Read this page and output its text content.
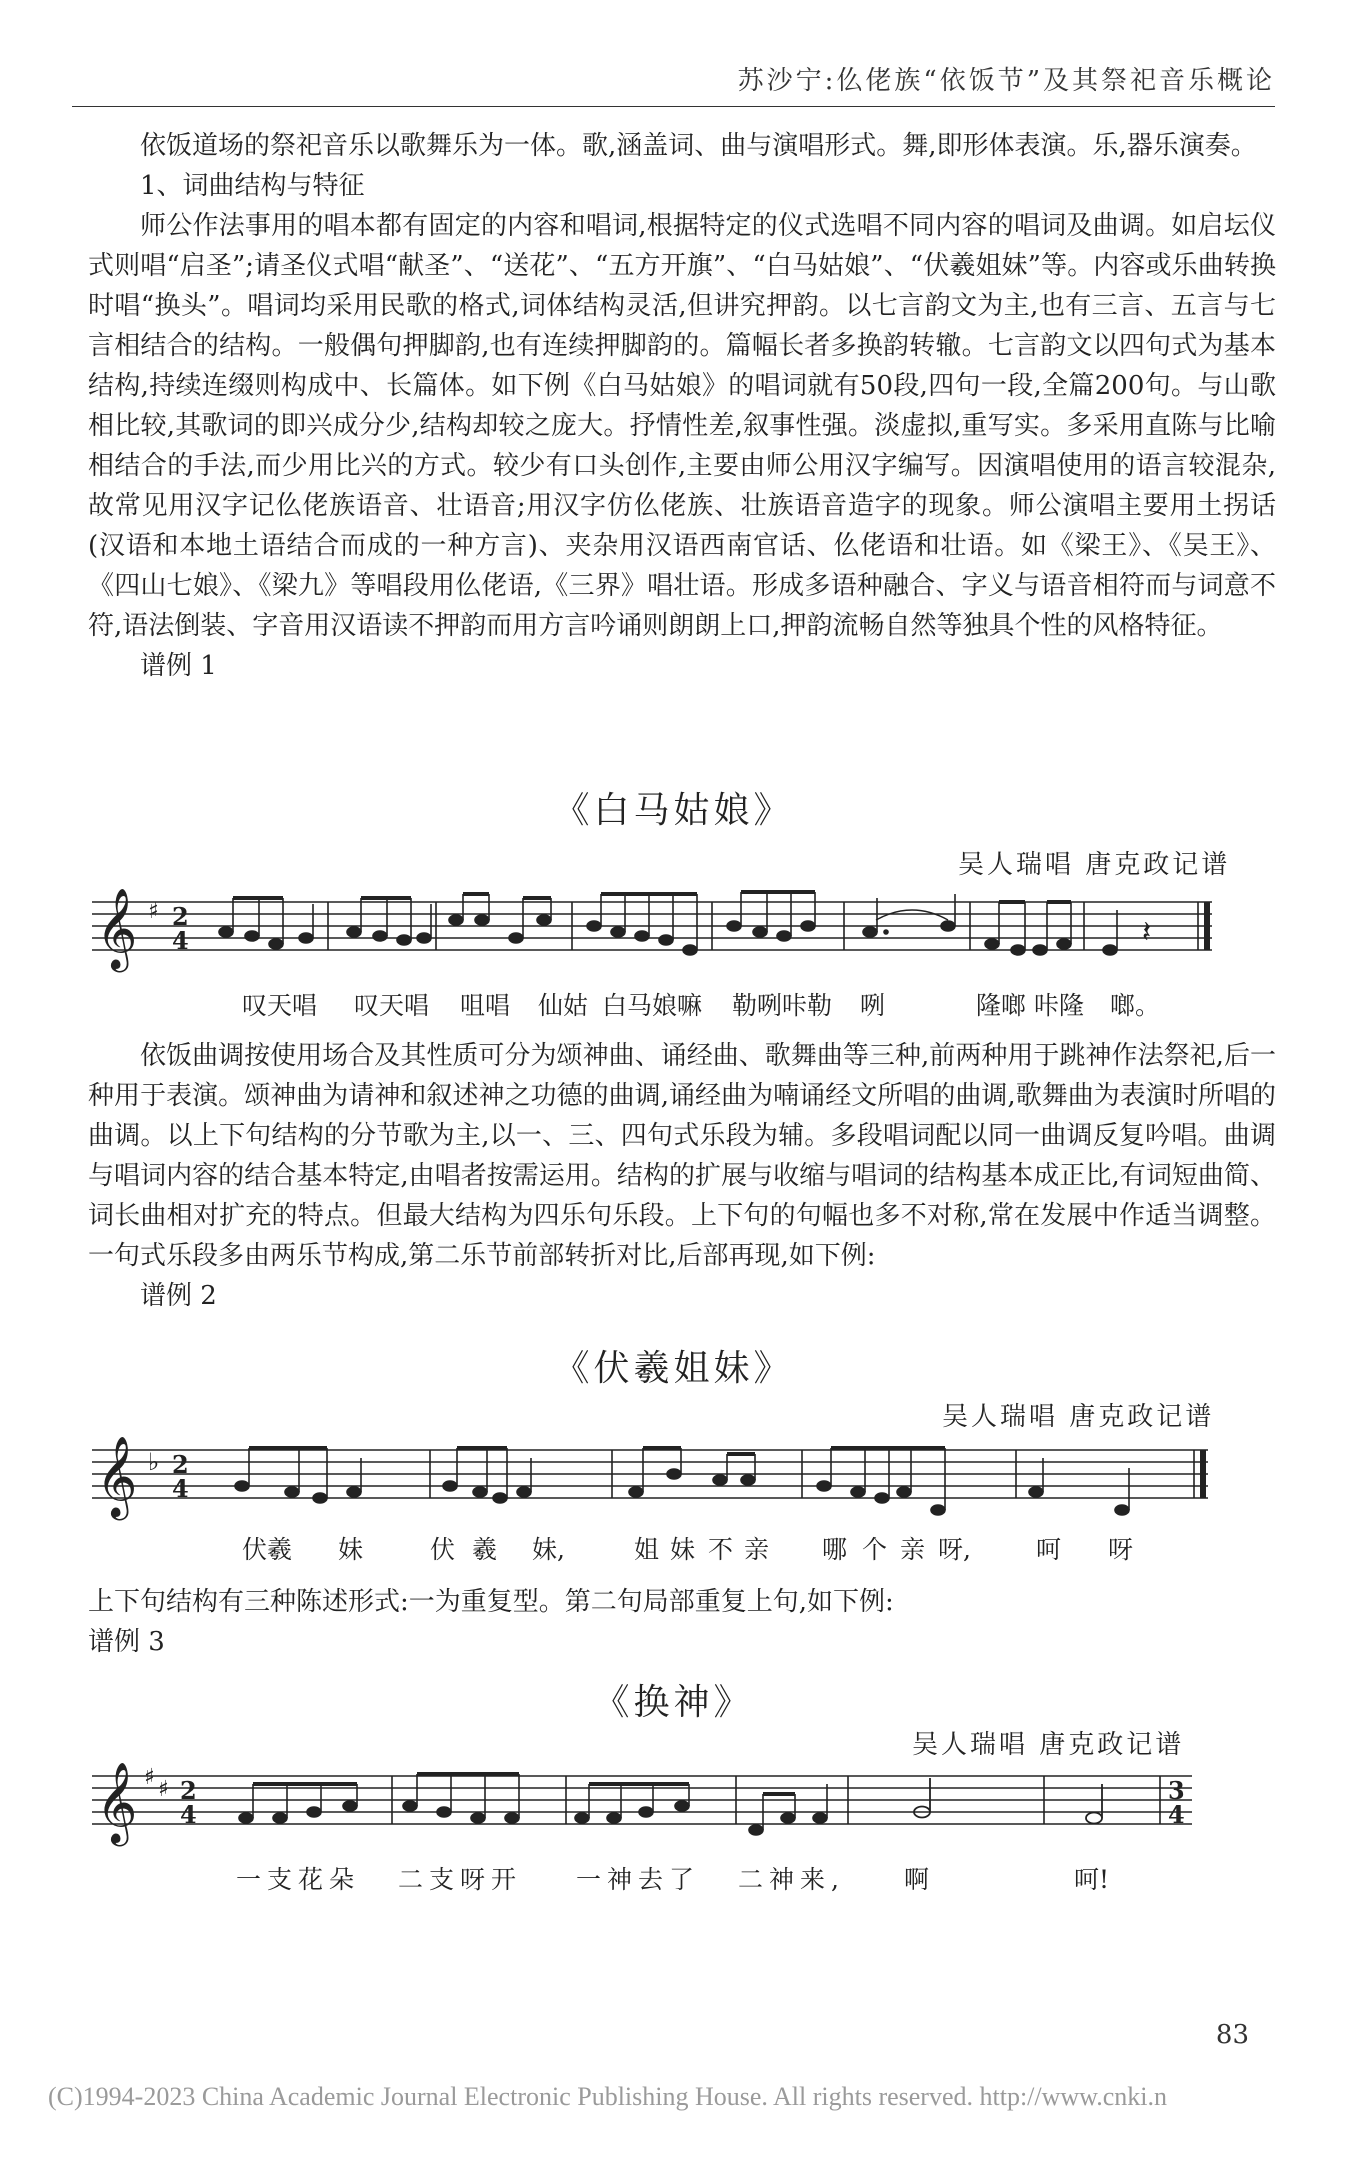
苏沙宁:仫佬族“依饭节”及其祭祀音乐概论

依饭道场的祭祀音乐以歌舞乐为一体。歌,涵盖词、曲与演唱形式。舞,即形体表演。乐,器乐演奏。

1、词曲结构与特征

师公作法事用的唱本都有固定的内容和唱词,根据特定的仪式选唱不同内容的唱词及曲调。如启坛仪式则唱“启圣”;请圣仪式唱“献圣”、“送花”、“五方开旗”、“白马姑娘”、“伏羲姐妹”等。内容或乐曲转换时唱“换头”。唱词均采用民歌的格式,词体结构灵活,但讲究押韵。以七言韵文为主,也有三言、五言与七言相结合的结构。一般偶句押脚韵,也有连续押脚韵的。篇幅长者多换韵转辙。七言韵文以四句式为基本结构,持续连缀则构成中、长篇体。如下例《白马姑娘》的唱词就有50段,四句一段,全篇200句。与山歌相比较,其歌词的即兴成分少,结构却较之庞大。抒情性差,叙事性强。淡虚拟,重写实。多采用直陈与比喻相结合的手法,而少用比兴的方式。较少有口头创作,主要由师公用汉字编写。因演唱使用的语言较混杂,故常见用汉字记仫佬族语音、壮语音;用汉字仿仫佬族、壮族语音造字的现象。师公演唱主要用土拐话(汉语和本地土语结合而成的一种方言)、夹杂用汉语西南官话、仫佬语和壮语。如《梁王》、《吴王》、《四山七娘》、《梁九》等唱段用仫佬语,《三界》唱壮语。形成多语种融合、字义与语音相符而与词意不符,语法倒装、字音用汉语读不押韵而用方言吟诵则朗朗上口,押韵流畅自然等独具个性的风格特征。

谱例 1

《白马姑娘》
吴人瑞唱 唐克政记谱
𝄞 ♯ 2
4	𝄽
叹天唱 叹天唱 咀唱 仙姑 白马娘嘛 勒咧咔勒 咧	隆啷 咔隆 啷。

依饭曲调按使用场合及其性质可分为颂神曲、诵经曲、歌舞曲等三种,前两种用于跳神作法祭祀,后一种用于表演。颂神曲为请神和叙述神之功德的曲调,诵经曲为喃诵经文所唱的曲调,歌舞曲为表演时所唱的曲调。以上下句结构的分节歌为主,以一、三、四句式乐段为辅。多段唱词配以同一曲调反复吟唱。曲调与唱词内容的结合基本特定,由唱者按需运用。结构的扩展与收缩与唱词的结构基本成正比,有词短曲简、词长曲相对扩充的特点。但最大结构为四乐句乐段。上下句的句幅也多不对称,常在发展中作适当调整。一句式乐段多由两乐节构成,第二乐节前部转折对比,后部再现,如下例:

谱例 2

《伏羲姐妹》
吴人瑞唱 唐克政记谱
𝄞 ♭ 2
4
伏羲 妹	伏 羲 妹,	姐 妹 不 亲 哪 个 亲 呀,	呵 呀

上下句结构有三种陈述形式:一为重复型。第二句局部重复上句,如下例:

谱例 3

《换神》
吴人瑞唱 唐克政记谱
𝄞 ♯ ♯ 2
4
3
4
一支花朵 二支呀开 一神去了 二神来, 啊	呵!
83
(C)1994-2023 China Academic Journal Electronic Publishing House. All rights reserved. http://www.cnki.n
